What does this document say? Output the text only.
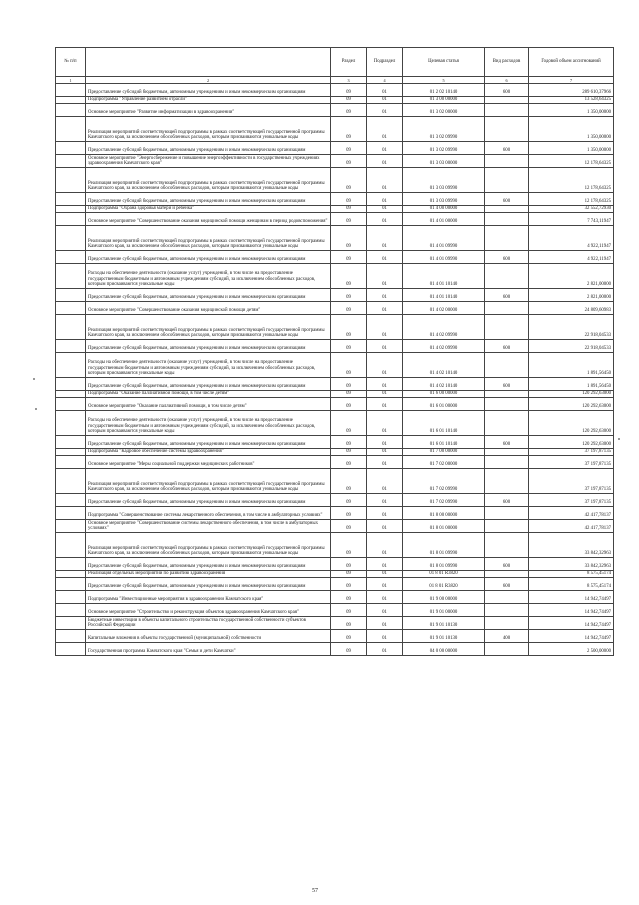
№ п/п		Раздел	Подраздел	Целевая статья	Вид расходов	Годовой объем ассигнований
1	2	3	4	5	6	7
	Предоставление субсидий бюджетным, автономным учреждениям и иным некоммерческим организациям	09	01	01 2 02 10140	600	289 610,37966
	Подпрограмма "Управление развитием отрасли"	09	01	01 3 00 00000		13 528,64325
	Основное мероприятие "Развитие информатизации в здравоохранении"	09	01	01 3 02 00000		1 350,00000
	Реализация мероприятий соответствующей подпрограммы в рамках соответствующей государственной программы Камчатского края, за исключением обособленных расходов, которым присваиваются уникальные коды	09	01	01 3 02 09990		1 350,00000
	Предоставление субсидий бюджетным, автономным учреждениям и иным некоммерческим организациям	09	01	01 3 02 09990	600	1 350,00000
	Основное мероприятие "Энергосбережение и повышение энергоэффективности в государственных учреждениях здравоохранения Камчатского края"	09	01	01 3 03 00000		12 178,64325
	Реализация мероприятий соответствующей подпрограммы в рамках соответствующей государственной программы Камчатского края, за исключением обособленных расходов, которым присваиваются уникальные коды	09	01	01 3 03 09990		12 178,64325
	Предоставление субсидий бюджетным, автономным учреждениям и иным некоммерческим организациям	09	01	01 3 03 09990	600	12 178,64325
	Подпрограмма "Охрана здоровья матери и ребенка"	09	01	01 4 00 00000		32 552,72930
	Основное мероприятие "Совершенствование оказания медицинской помощи женщинам в период родовспоможения"	09	01	01 4 01 00000		7 743,11947
	Реализация мероприятий соответствующей подпрограммы в рамках соответствующей государственной программы Камчатского края, за исключением обособленных расходов, которым присваиваются уникальные коды	09	01	01 4 01 09990		4 922,11947
	Предоставление субсидий бюджетным, автономным учреждениям и иным некоммерческим организациям	09	01	01 4 01 09990	600	4 922,11947
	Расходы на обеспечение деятельности (оказание услуг) учреждений, в том числе на предоставление государственным бюджетным и автономным учреждениям субсидий, за исключением обособленных расходов, которым присваиваются уникальные коды	09	01	01 4 01 10140		2 821,00000
	Предоставление субсидий бюджетным, автономным учреждениям и иным некоммерческим организациям	09	01	01 4 01 10140	600	2 821,00000
	Основное мероприятие "Совершенствование оказания медицинской помощи детям"	09	01	01 4 02 00000		24 809,60983
	Реализация мероприятий соответствующей подпрограммы в рамках соответствующей государственной программы Камчатского края, за исключением обособленных расходов, которым присваиваются уникальные коды	09	01	01 4 02 09990		22 918,04533
	Предоставление субсидий бюджетным, автономным учреждениям и иным некоммерческим организациям	09	01	01 4 02 09990	600	22 918,04533
	Расходы на обеспечение деятельности (оказание услуг) учреждений, в том числе на предоставление государственным бюджетным и автономным учреждениям субсидий, за исключением обособленных расходов, которым присваиваются уникальные коды	09	01	01 4 02 10140		1 891,56450
	Предоставление субсидий бюджетным, автономным учреждениям и иным некоммерческим организациям	09	01	01 4 02 10140	600	1 891,56450
	Подпрограмма "Оказание паллиативной помощи, в том числе детям"	09	01	01 6 00 00000		120 292,63000
	Основное мероприятие "Оказание паллиативной помощи, в том числе детям"	09	01	01 6 01 00000		120 292,63000
	Расходы на обеспечение деятельности (оказание услуг) учреждений, в том числе на предоставление государственным бюджетным и автономным учреждениям субсидий, за исключением обособленных расходов, которым присваиваются уникальные коды	09	01	01 6 01 10140		120 292,63000
	Предоставление субсидий бюджетным, автономным учреждениям и иным некоммерческим организациям	09	01	01 6 01 10140	600	120 292,63000
	Подпрограмма "Кадровое обеспечение системы здравоохранения"	09	01	01 7 00 00000		37 197,87135
	Основное мероприятие "Меры социальной поддержки медицинских работников"	09	01	01 7 02 00000		37 197,87135
	Реализация мероприятий соответствующей подпрограммы в рамках соответствующей государственной программы Камчатского края, за исключением обособленных расходов, которым присваиваются уникальные коды	09	01	01 7 02 09990		37 197,87135
	Предоставление субсидий бюджетным, автономным учреждениям и иным некоммерческим организациям	09	01	01 7 02 09990	600	37 197,87135
	Подпрограмма "Совершенствование системы лекарственного обеспечения, в том числе в амбулаторных условиях"	09	01	01 8 00 00000		42 417,78137
	Основное мероприятие "Совершенствование системы лекарственного обеспечения, в том числе в амбулаторных условиях"	09	01	01 8 01 00000		42 417,78137
	Реализация мероприятий соответствующей подпрограммы в рамках соответствующей государственной программы Камчатского края, за исключением обособленных расходов, которым присваиваются уникальные коды	09	01	01 8 01 09990		33 842,32963
	Предоставление субсидий бюджетным, автономным учреждениям и иным некоммерческим организациям	09	01	01 8 01 09990	600	33 842,32963
	Реализация отдельных мероприятий по развитию здравоохранения	09	01	01 8 01 R3820		8 575,45174
	Предоставление субсидий бюджетным, автономным учреждениям и иным некоммерческим организациям	09	01	01 8 01 R3820	600	8 575,45174
	Подпрограмма "Инвестиционные мероприятия в здравоохранении Камчатского края"	09	01	01 9 00 00000		14 942,74497
	Основное мероприятие "Строительство и реконструкция объектов здравоохранения Камчатского края"	09	01	01 9 01 00000		14 942,74497
	Бюджетные инвестиции в объекты капитального строительства государственной собственности субъектов Российской Федерации	09	01	01 9 01 10130		14 942,74497
	Капитальные вложения в объекты государственной (муниципальной) собственности	09	01	01 9 01 10130	400	14 942,74497
	Государственная программа Камчатского края "Семья и дети Камчатки"	09	01	04 0 00 00000		2 500,00000
57
